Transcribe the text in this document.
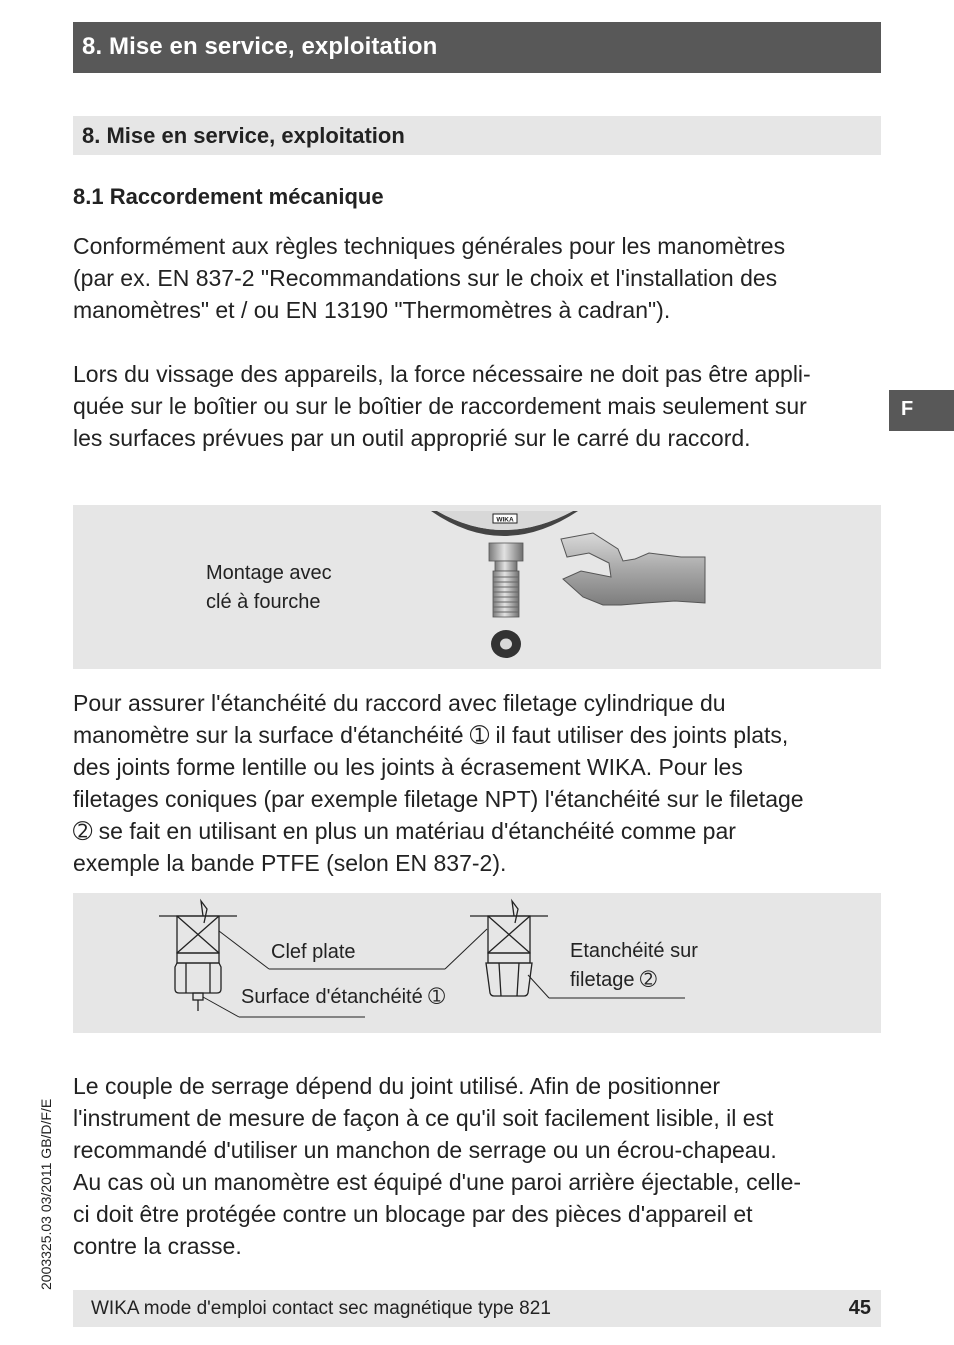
8. Mise en service, exploitation
8. Mise en service, exploitation
8.1 Raccordement mécanique

Conformément aux règles techniques générales pour les manomètres
(par ex. EN 837-2 "Recommandations sur le choix et l'installation des
manomètres" et / ou EN 13190 "Thermomètres à cadran").

Lors du vissage des appareils, la force nécessaire ne doit pas être appli-
quée sur le boîtier ou sur le boîtier de raccordement mais seulement sur
les surfaces prévues par un outil approprié sur le carré du raccord.

F
Montage avec
clé à fourche
WIKA

Pour assurer l'étanchéité du raccord avec filetage cylindrique du
manomètre sur la surface d'étanchéité ➀ il faut utiliser des joints plats,
des joints forme lentille ou les joints à écrasement WIKA. Pour les
filetages coniques (par exemple filetage NPT) l'étanchéité sur le filetage
➁ se fait en utilisant en plus un matériau d'étanchéité comme par
exemple la bande PTFE (selon EN 837-2).

Clef plate
Surface d'étanchéité ➀
Etanchéité sur
filetage ➁

Le couple de serrage dépend du joint utilisé. Afin de positionner
l'instrument de mesure de façon à ce qu'il soit facilement lisible, il est
recommandé d'utiliser un manchon de serrage ou un écrou-chapeau.
Au cas où un manomètre est équipé d'une paroi arrière éjectable, celle-
ci doit être protégée contre un blocage par des pièces d'appareil et
contre la crasse.

2003325.03 03/2011 GB/D/F/E
WIKA mode d'emploi contact sec magnétique type 821	45
